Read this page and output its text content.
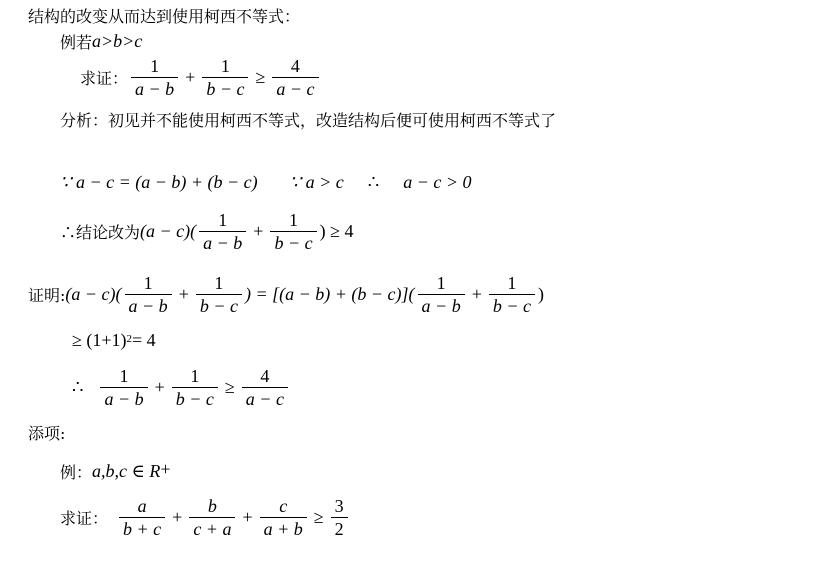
结构的改变从而达到使用柯西不等式：
例若 a>b>c
求证： $\frac{1}{a - b} + \frac{1}{b - c} \ge \frac{4}{a - c}$
分析：初见并不能使用柯西不等式，改造结构后便可使用柯西不等式了
∵ a − c = (a − b) + (b − c) ∵ a > c ∴ a − c > 0
∴结论改为 $(a - c)( \frac{1}{a - b} + \frac{1}{b - c}$ ) ≥ 4
证明: $(a - c)( \frac{1}{a - b} + \frac{1}{b - c}$ ) = $[(a - b) + (b - c)]( \frac{1}{a - b} + \frac{1}{b - c}$ )
≥ $(1+1)^2 = 4$
∴ $\frac{1}{a - b} + \frac{1}{b - c} \ge \frac{4}{a - c}$
添项:
例： a,b,c ∈ R+
求证： $\frac{a}{b + c} + \frac{b}{c + a} + \frac{c}{a + b} \ge \frac{3}{2}$
